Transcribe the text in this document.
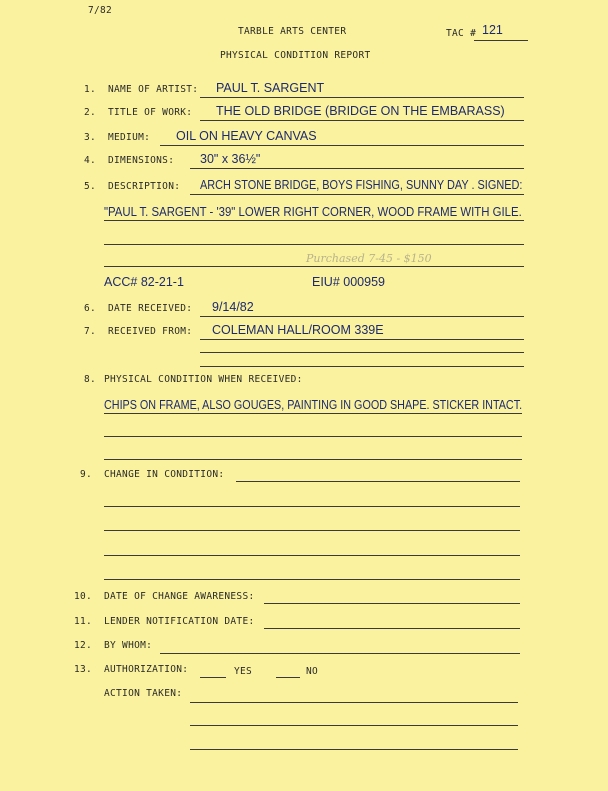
7/82
TARBLE ARTS CENTER
PHYSICAL CONDITION REPORT
TAC # 121
1. NAME OF ARTIST: PAUL T. SARGENT
2. TITLE OF WORK: THE OLD BRIDGE (BRIDGE ON THE EMBARASS)
3. MEDIUM: OIL ON HEAVY CANVAS
4. DIMENSIONS: 30" x 36½"
5. DESCRIPTION: ARCH STONE BRIDGE, BOYS FISHING, SUNNY DAY . SIGNED:
"PAUL T. SARGENT - '39" LOWER RIGHT CORNER, WOOD FRAME WITH GILE.
Purchased 7-45 - $150
ACC# 82-21-1	EIU# 000959
6. DATE RECEIVED: 9/14/82
7. RECEIVED FROM: COLEMAN HALL/ROOM 339E
8. PHYSICAL CONDITION WHEN RECEIVED:
CHIPS ON FRAME, ALSO GOUGES, PAINTING IN GOOD SHAPE. STICKER INTACT.
9. CHANGE IN CONDITION:
10. DATE OF CHANGE AWARENESS:
11. LENDER NOTIFICATION DATE:
12. BY WHOM:
13. AUTHORIZATION:	YES	NO
ACTION TAKEN:
